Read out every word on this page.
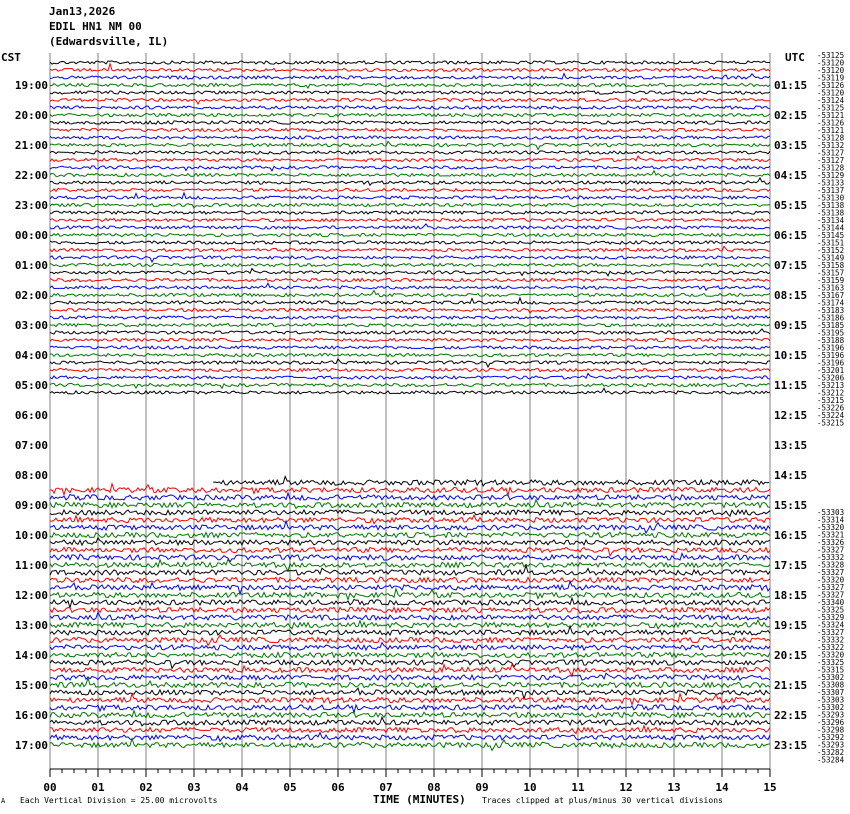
Jan13,2026
EDIL HN1 NM 00
(Edwardsville, IL)
CST	UTC
00	01	02	03	04	05	06	07	08	09	10	11	12	13	14	15
19:00
20:00
21:00
22:00
23:00
00:00
01:00
02:00
03:00
04:00
05:00
06:00
07:00
08:00
09:00
10:00
11:00
12:00
13:00
14:00
15:00
16:00
17:00
01:15
02:15
03:15
04:15
05:15
06:15
07:15
08:15
09:15
10:15
11:15
12:15
13:15
14:15
15:15
16:15
17:15
18:15
19:15
20:15
21:15
22:15
23:15
-53125
-53120
-53120
-53119
-53126
-53120
-53124
-53125
-53121
-53126
-53121
-53128
-53132
-53127
-53127
-53128
-53129
-53133
-53137
-53130
-53138
-53138
-53134
-53144
-53145
-53151
-53152
-53149
-53158
-53157
-53159
-53163
-53167
-53174
-53183
-53186
-53185
-53195
-53188
-53196
-53196
-53196
-53201
-53206
-53213
-53212
-53215
-53226
-53224
-53215
-53303
-53314
-53320
-53321
-53326
-53327
-53332
-53328
-53327
-53320
-53327
-53327
-53340
-53325
-53329
-53324
-53327
-53332
-53322
-53320
-53325
-53315
-53302
-53308
-53307
-53303
-53302
-53293
-53296
-53298
-53292
-53293
-53282
-53284
A Each Vertical Division = 25.00 microvolts	TIME (MINUTES) Traces clipped at plus/minus 30 vertical divisions
